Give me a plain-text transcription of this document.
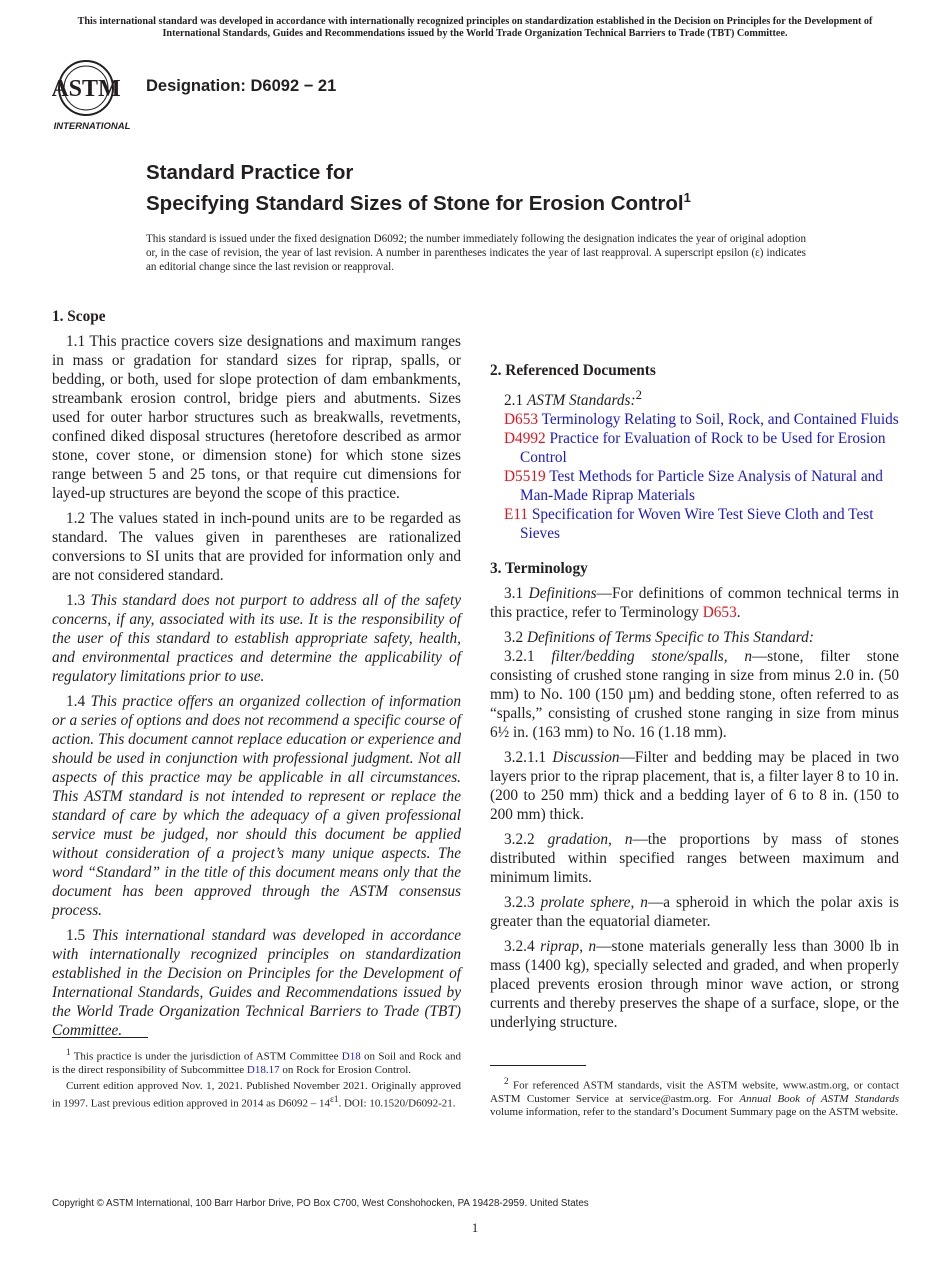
This international standard was developed in accordance with internationally recognized principles on standardization established in the Decision on Principles for the Development of International Standards, Guides and Recommendations issued by the World Trade Organization Technical Barriers to Trade (TBT) Committee.
ASTM
INTERNATIONAL
Designation: D6092 − 21
Standard Practice for
Specifying Standard Sizes of Stone for Erosion Control$^1$
This standard is issued under the fixed designation D6092; the number immediately following the designation indicates the year of original adoption or, in the case of revision, the year of last revision. A number in parentheses indicates the year of last reapproval. A superscript epsilon (ε) indicates an editorial change since the last revision or reapproval.
1. Scope

1.1 This practice covers size designations and maximum ranges in mass or gradation for standard sizes for riprap, spalls, or bedding, or both, used for slope protection of dam embankments, streambank erosion control, bridge piers and abutments. Sizes used for outer harbor structures such as breakwalls, revetments, confined diked disposal structures (heretofore described as armor stone, cover stone, or dimension stone) for which stone sizes range between 5 and 25 tons, or that require cut dimensions for layed-up structures are beyond the scope of this practice.

1.2 The values stated in inch-pound units are to be regarded as standard. The values given in parentheses are rationalized conversions to SI units that are provided for information only and are not considered standard.

1.3 This standard does not purport to address all of the safety concerns, if any, associated with its use. It is the responsibility of the user of this standard to establish appropriate safety, health, and environmental practices and determine the applicability of regulatory limitations prior to use.

1.4 This practice offers an organized collection of information or a series of options and does not recommend a specific course of action. This document cannot replace education or experience and should be used in conjunction with professional judgment. Not all aspects of this practice may be applicable in all circumstances. This ASTM standard is not intended to represent or replace the standard of care by which the adequacy of a given professional service must be judged, nor should this document be applied without consideration of a project’s many unique aspects. The word “Standard” in the title of this document means only that the document has been approved through the ASTM consensus process.

1.5 This international standard was developed in accordance with internationally recognized principles on standardization established in the Decision on Principles for the Development of International Standards, Guides and Recommendations issued by the World Trade Organization Technical Barriers to Trade (TBT) Committee.

$^1$ This practice is under the jurisdiction of ASTM Committee D18 on Soil and Rock and is the direct responsibility of Subcommittee D18.17 on Rock for Erosion Control.

Current edition approved Nov. 1, 2021. Published November 2021. Originally approved in 1997. Last previous edition approved in 2014 as $D6092 - 14^{\varepsilon 1}$. DOI: 10.1520/D6092-21.

2. Referenced Documents

2.1 ASTM Standards:$^2$

D653 Terminology Relating to Soil, Rock, and Contained Fluids

D4992 Practice for Evaluation of Rock to be Used for Erosion Control

D5519 Test Methods for Particle Size Analysis of Natural and Man-Made Riprap Materials

E11 Specification for Woven Wire Test Sieve Cloth and Test Sieves

3. Terminology

3.1 Definitions—For definitions of common technical terms in this practice, refer to Terminology D653.

3.2 Definitions of Terms Specific to This Standard:

3.2.1 filter/bedding stone/spalls, n—stone, filter stone consisting of crushed stone ranging in size from minus 2.0 in. (50 mm) to No. 100 (150 µm) and bedding stone, often referred to as “spalls,” consisting of crushed stone ranging in size from minus 6½ in. (163 mm) to No. 16 (1.18 mm).

3.2.1.1 Discussion—Filter and bedding may be placed in two layers prior to the riprap placement, that is, a filter layer 8 to 10 in. (200 to 250 mm) thick and a bedding layer of 6 to 8 in. (150 to 200 mm) thick.

3.2.2 gradation, n—the proportions by mass of stones distributed within specified ranges between maximum and minimum limits.

3.2.3 prolate sphere, n—a spheroid in which the polar axis is greater than the equatorial diameter.

3.2.4 riprap, n—stone materials generally less than 3000 lb in mass (1400 kg), specially selected and graded, and when properly placed prevents erosion through minor wave action, or strong currents and thereby preserves the shape of a surface, slope, or the underlying structure.

$^2$ For referenced ASTM standards, visit the ASTM website, www.astm.org, or contact ASTM Customer Service at service@astm.org. For Annual Book of ASTM Standards volume information, refer to the standard’s Document Summary page on the ASTM website.

Copyright © ASTM International, 100 Barr Harbor Drive, PO Box C700, West Conshohocken, PA 19428-2959. United States
1
